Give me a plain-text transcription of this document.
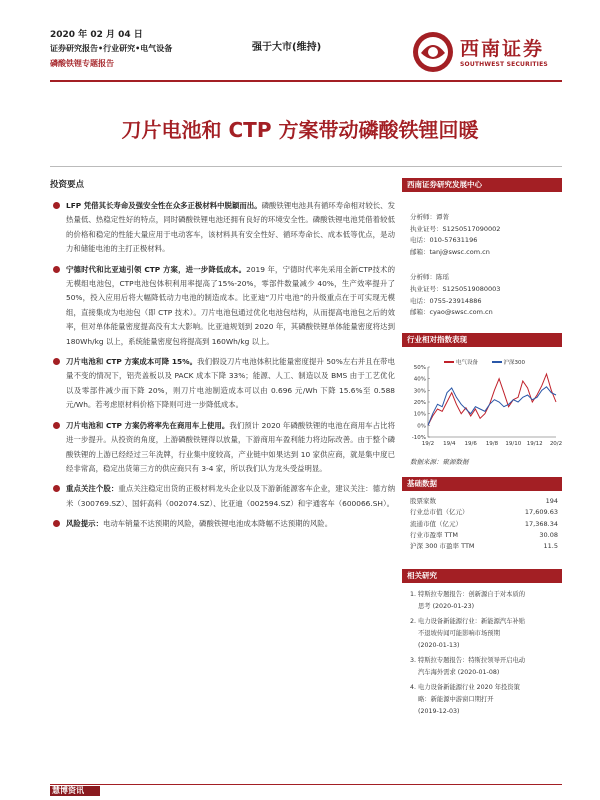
2020 年 02 月 04 日
证券研究报告•行业研究•电气设备
磷酸铁锂专题报告
强于大市(维持)	西南证券
SOUTHWEST SECURITIES
刀片电池和 CTP 方案带动磷酸铁锂回暖
投资要点
LFP 凭借其长寿命及强安全性在众多正极材料中脱颖而出。磷酸铁锂电池具有循环寿命相对较长、发热量低、热稳定性好的特点，同时磷酸铁锂电池还拥有良好的环境安全性。磷酸铁锂电池凭借着较低的价格和稳定的性能大量应用于电动客车，该材料具有安全性好、循环寿命长、成本低等优点，是动力和储能电池的主打正极材料。
宁德时代和比亚迪引领 CTP 方案，进一步降低成本。2019 年，宁德时代率先采用全新CTP技术的无模组电池包，CTP电池包体积利用率提高了15%-20%，零部件数量减少 40%，生产效率提升了 50%，投入应用后将大幅降低动力电池的制造成本。比亚迪“刀片电池”的升级重点在于可实现无模组，直接集成为电池包（即 CTP 技术）。刀片电池包通过优化电池包结构，从而提高电池包之后的效率，但对单体能量密度提高没有太大影响。比亚迪规划到 2020 年，其磷酸铁锂单体能量密度将达到 180Wh/kg 以上，系统能量密度包将提高到 160Wh/kg 以上。
刀片电池和 CTP 方案成本可降 15%。我们假设刀片电池体积比能量密度提升 50%左右并且在带电量不变的情况下，铝壳盖板以及 PACK 成本下降 33%；能源、人工、制造以及 BMS 由于工艺优化以及零部件减少而下降 20%，则刀片电池制造成本可以由 0.696 元/Wh 下降 15.6%至 0.588 元/Wh。若考虑原材料价格下降则可进一步降低成本。
刀片电池和 CTP 方案仍将率先在商用车上使用。我们预计 2020 年磷酸铁锂的电池在商用车占比将进一步提升。从投资的角度，上游磷酸铁锂得以放量，下游商用车盈利能力将边际改善。由于整个磷酸铁锂的上游已经经过三年洗牌，行业集中度较高，产业链中如果达到 10 家供应商，就是集中度已经非常高，稳定出货第三方的供应商只有 3-4 家，所以我们认为龙头受益明显。
重点关注个股：重点关注稳定出货的正极材料龙头企业以及下游新能源客车企业，建议关注：德方纳米（300769.SZ）、国轩高科（002074.SZ）、比亚迪（002594.SZ）和宇通客车（600066.SH）。
风险提示：电动车销量不达预期的风险，磷酸铁锂电池成本降幅不达预期的风险。
西南证券研究发展中心
分析师：谭菁
执业证号：S1250517090002
电话：010-57631196
邮箱：tanj@swsc.com.cn
分析师：陈瑶
执业证号：S1250519080003
电话：0755-23914886
邮箱：cyao@swsc.com.cn
行业相对指数表现
50%
40%
30%
20%
10%
0%
-10%
19/2 19/4 19/6 19/8 19/10 19/12 20/2
电气设备	沪深300
数据来源：聚源数据
基础数据
股票家数	194
行业总市值（亿元）	17,609.63
流通市值（亿元）	17,368.34
行业市盈率 TTM	30.08
沪深 300 市盈率 TTM	11.5
相关研究
1. 特斯拉专题报告：创新源自于对本质的
思考 (2020-01-23)
2. 电力设备新能源行业：新能源汽车补贴
不退坡传闻可能影响市场预期
(2020-01-13)
3. 特斯拉专题报告：特斯拉领导开启电动
汽车海外需求 (2020-01-08)
4. 电力设备新能源行业 2020 年投资策
略：新能源中游窗口期打开
(2019-12-03)
慧博资讯
